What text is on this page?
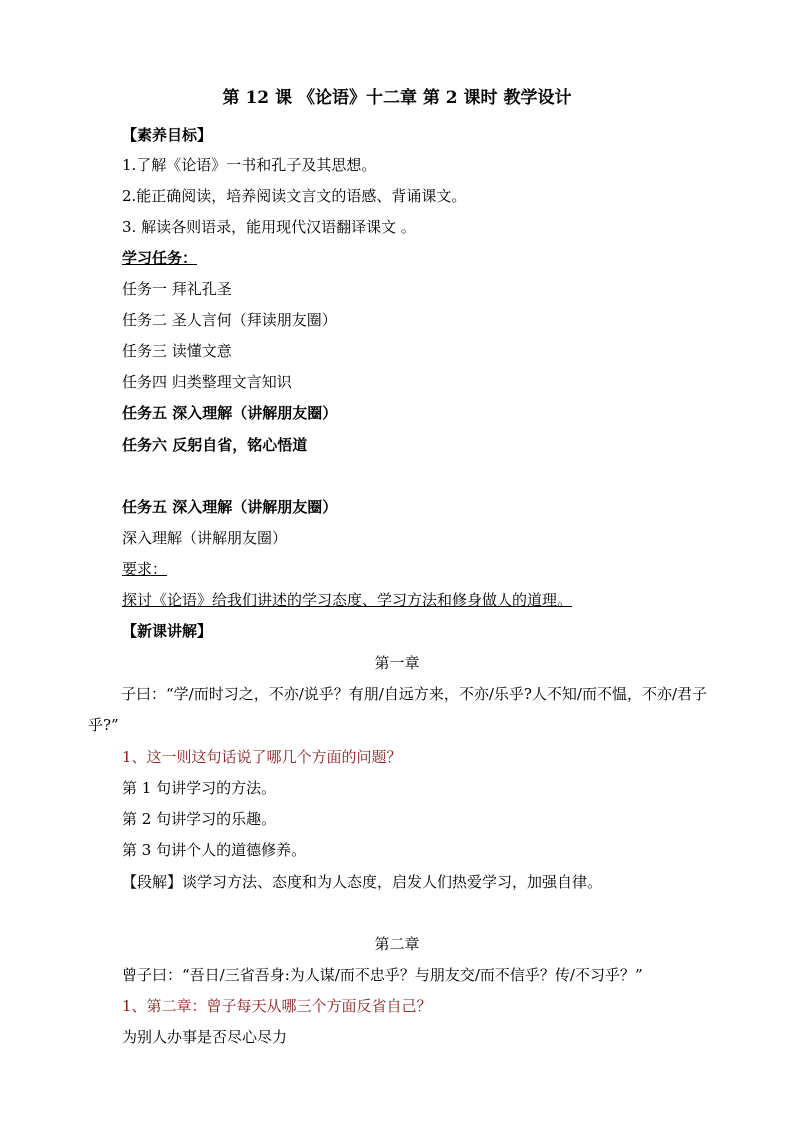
第 12 课 《论语》十二章 第 2 课时 教学设计
【素养目标】
1.了解《论语》一书和孔子及其思想。
2.能正确阅读，培养阅读文言文的语感、背诵课文。
3. 解读各则语录，能用现代汉语翻译课文 。
学习任务：
任务一 拜礼孔圣
任务二 圣人言何（拜读朋友圈）
任务三 读懂文意
任务四 归类整理文言知识
任务五 深入理解（讲解朋友圈）
任务六 反躬自省，铭心悟道
任务五 深入理解（讲解朋友圈）
深入理解（讲解朋友圈）
要求：
探讨《论语》给我们讲述的学习态度、学习方法和修身做人的道理。
【新课讲解】
第一章
子曰：“学/而时习之，不亦/说乎？有朋/自远方来，不亦/乐乎?人不知/而不愠，不亦/君子乎?”
1、这一则这句话说了哪几个方面的问题？
第 1 句讲学习的方法。
第 2 句讲学习的乐趣。
第 3 句讲个人的道德修养。
【段解】谈学习方法、态度和为人态度，启发人们热爱学习，加强自律。
第二章
曾子曰：“吾日/三省吾身:为人谋/而不忠乎？与朋友交/而不信乎？传/不习乎？”
1、第二章：曾子每天从哪三个方面反省自己？
为别人办事是否尽心尽力
